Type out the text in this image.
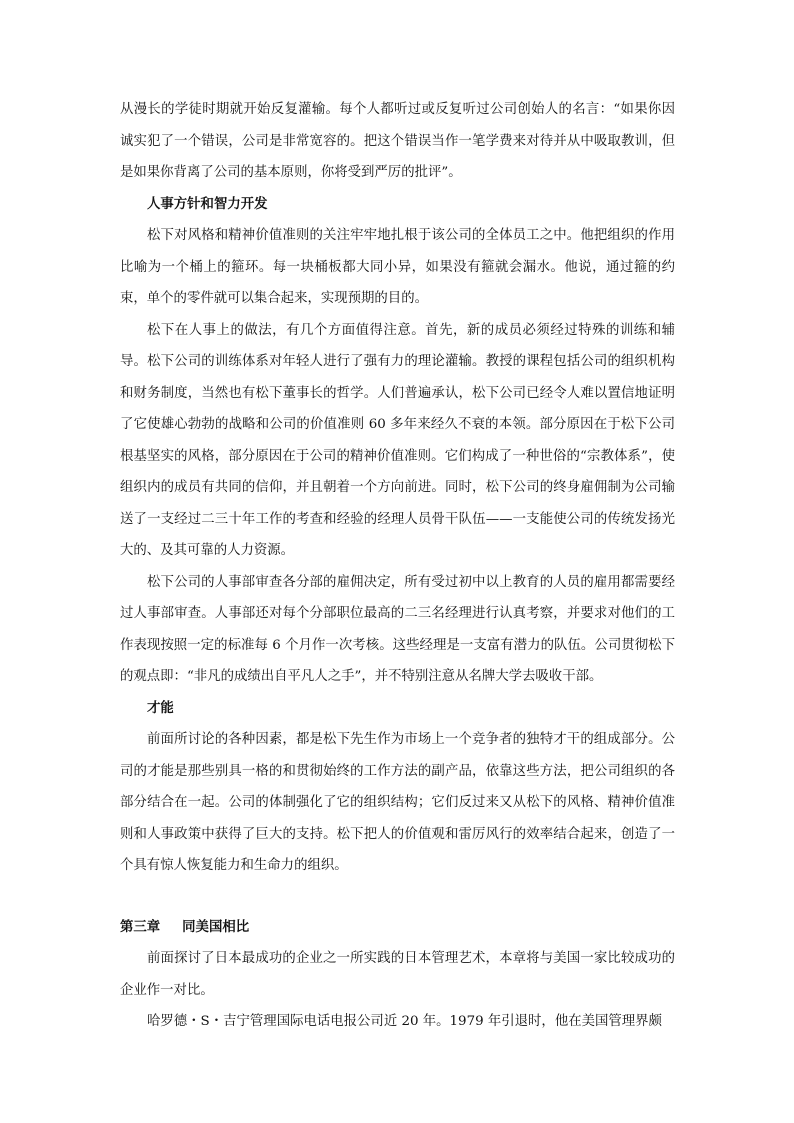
从漫长的学徒时期就开始反复灌输。每个人都听过或反复听过公司创始人的名言：“如果你因诚实犯了一个错误，公司是非常宽容的。把这个错误当作一笔学费来对待并从中吸取教训，但是如果你背离了公司的基本原则，你将受到严厉的批评”。

人事方针和智力开发

松下对风格和精神价值准则的关注牢牢地扎根于该公司的全体员工之中。他把组织的作用比喻为一个桶上的箍环。每一块桶板都大同小异，如果没有箍就会漏水。他说，通过箍的约束，单个的零件就可以集合起来，实现预期的目的。

松下在人事上的做法，有几个方面值得注意。首先，新的成员必须经过特殊的训练和辅导。松下公司的训练体系对年轻人进行了强有力的理论灌输。教授的课程包括公司的组织机构和财务制度，当然也有松下董事长的哲学。人们普遍承认，松下公司已经令人难以置信地证明了它使雄心勃勃的战略和公司的价值准则 60 多年来经久不衰的本领。部分原因在于松下公司根基坚实的风格，部分原因在于公司的精神价值准则。它们构成了一种世俗的“宗教体系”，使组织内的成员有共同的信仰，并且朝着一个方向前进。同时，松下公司的终身雇佣制为公司输送了一支经过二三十年工作的考查和经验的经理人员骨干队伍——一支能使公司的传统发扬光大的、及其可靠的人力资源。

松下公司的人事部审查各分部的雇佣决定，所有受过初中以上教育的人员的雇用都需要经过人事部审查。人事部还对每个分部职位最高的二三名经理进行认真考察，并要求对他们的工作表现按照一定的标准每 6 个月作一次考核。这些经理是一支富有潜力的队伍。公司贯彻松下的观点即：“非凡的成绩出自平凡人之手”，并不特别注意从名牌大学去吸收干部。

才能

前面所讨论的各种因素，都是松下先生作为市场上一个竞争者的独特才干的组成部分。公司的才能是那些别具一格的和贯彻始终的工作方法的副产品，依靠这些方法，把公司组织的各部分结合在一起。公司的体制强化了它的组织结构；它们反过来又从松下的风格、精神价值准则和人事政策中获得了巨大的支持。松下把人的价值观和雷厉风行的效率结合起来，创造了一个具有惊人恢复能力和生命力的组织。

第三章 同美国相比

前面探讨了日本最成功的企业之一所实践的日本管理艺术，本章将与美国一家比较成功的企业作一对比。

哈罗德・S・吉宁管理国际电话电报公司近 20 年。1979 年引退时，他在美国管理界颇
